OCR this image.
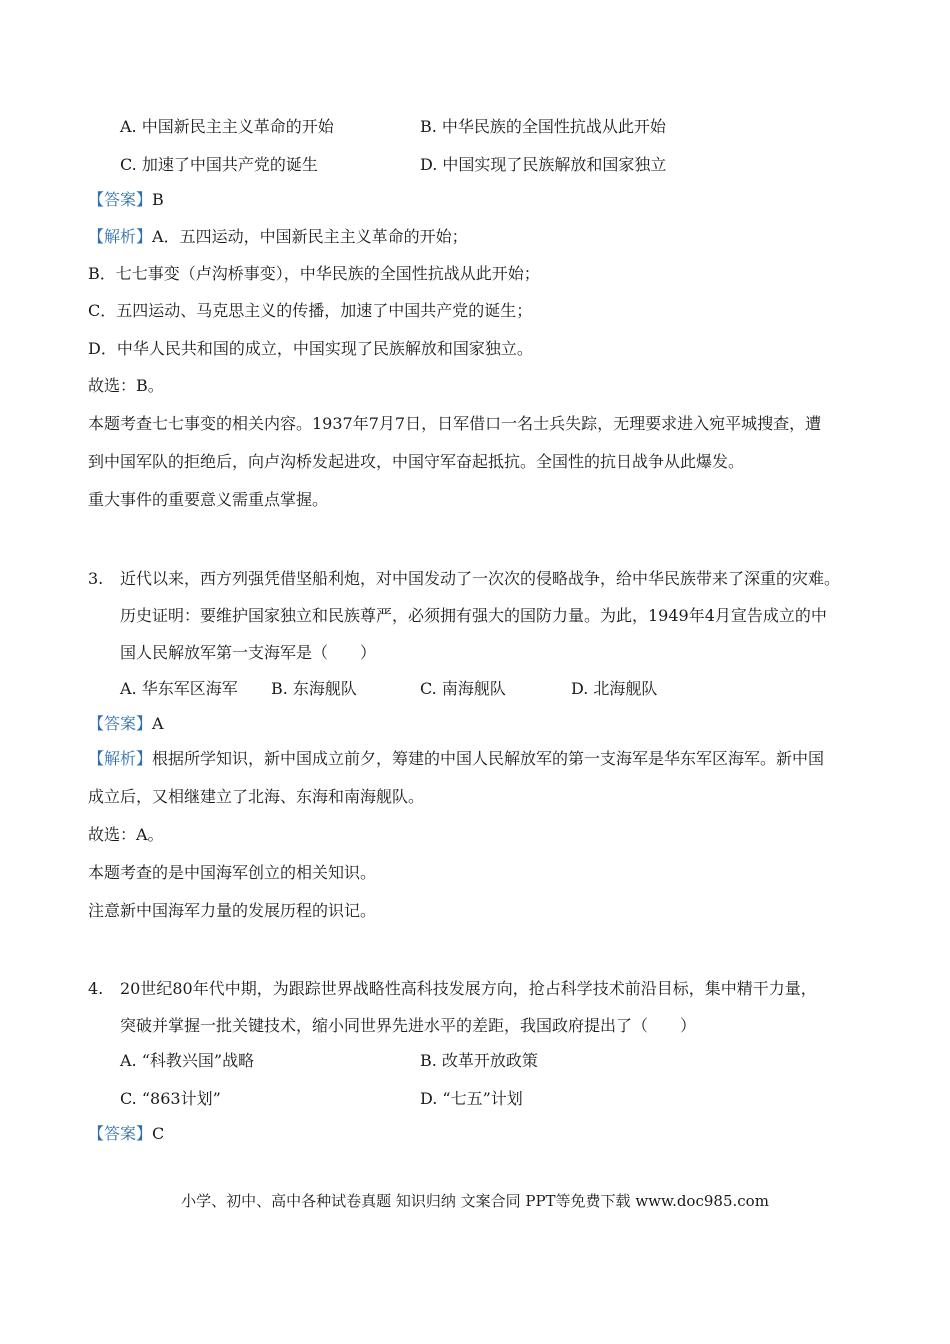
A. 中国新民主主义革命的开始	B. 中华民族的全国性抗战从此开始
C. 加速了中国共产党的诞生	D. 中国实现了民族解放和国家独立
【答案】B
【解析】A．五四运动，中国新民主主义革命的开始；
B．七七事变（卢沟桥事变），中华民族的全国性抗战从此开始；
C．五四运动、马克思主义的传播，加速了中国共产党的诞生；
D．中华人民共和国的成立，中国实现了民族解放和国家独立。
故选：B。
本题考查七七事变的相关内容。1937年7月7日，日军借口一名士兵失踪，无理要求进入宛平城搜查，遭
到中国军队的拒绝后，向卢沟桥发起进攻，中国守军奋起抵抗。全国性的抗日战争从此爆发。
重大事件的重要意义需重点掌握。
3. 近代以来，西方列强凭借坚船利炮，对中国发动了一次次的侵略战争，给中华民族带来了深重的灾难。
历史证明：要维护国家独立和民族尊严，必须拥有强大的国防力量。为此，1949年4月宣告成立的中
国人民解放军第一支海军是（　　）
A. 华东军区海军 B. 东海舰队	C. 南海舰队	D. 北海舰队
【答案】A
【解析】根据所学知识，新中国成立前夕，筹建的中国人民解放军的第一支海军是华东军区海军。新中国
成立后，又相继建立了北海、东海和南海舰队。
故选：A。
本题考查的是中国海军创立的相关知识。
注意新中国海军力量的发展历程的识记。
4. 20世纪80年代中期，为跟踪世界战略性高科技发展方向，抢占科学技术前沿目标，集中精干力量，
突破并掌握一批关键技术，缩小同世界先进水平的差距，我国政府提出了（　　）
A. “科教兴国”战略	B. 改革开放政策
C. “863计划”	D. “七五”计划
【答案】C
小学、初中、高中各种试卷真题 知识归纳 文案合同 PPT等免费下载 www.doc985.com
